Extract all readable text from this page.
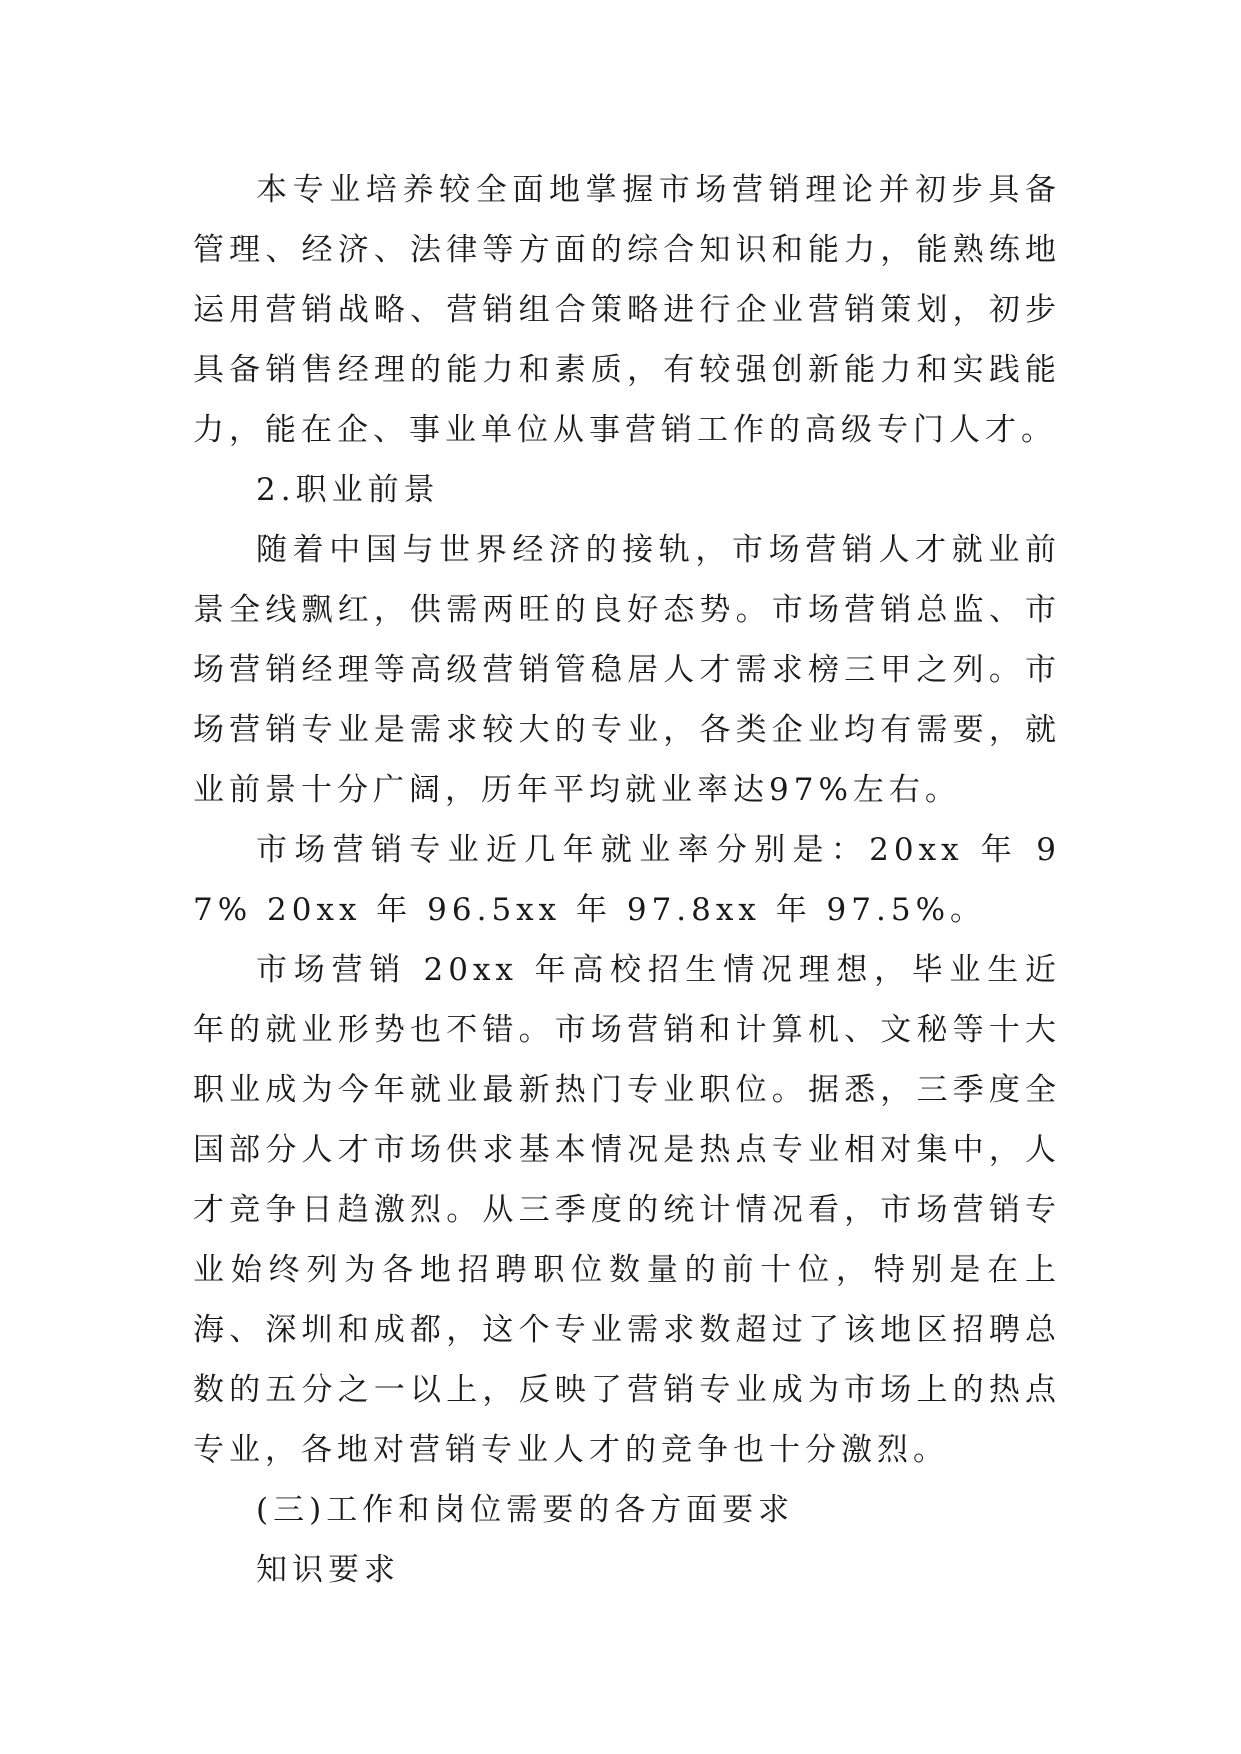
本专业培养较全面地掌握市场营销理论并初步具备管理、经济、法律等方面的综合知识和能力，能熟练地运用营销战略、营销组合策略进行企业营销策划，初步具备销售经理的能力和素质，有较强创新能力和实践能力，能在企、事业单位从事营销工作的高级专门人才。

2.职业前景

随着中国与世界经济的接轨，市场营销人才就业前景全线飘红，供需两旺的良好态势。市场营销总监、市场营销经理等高级营销管稳居人才需求榜三甲之列。市场营销专业是需求较大的专业，各类企业均有需要，就业前景十分广阔，历年平均就业率达97%左右。

市场营销专业近几年就业率分别是：20xx 年 97% 20xx 年 96.5xx 年 97.8xx 年 97.5%。

市场营销 20xx 年高校招生情况理想，毕业生近年的就业形势也不错。市场营销和计算机、文秘等十大职业成为今年就业最新热门专业职位。据悉，三季度全国部分人才市场供求基本情况是热点专业相对集中，人才竞争日趋激烈。从三季度的统计情况看，市场营销专业始终列为各地招聘职位数量的前十位，特别是在上海、深圳和成都，这个专业需求数超过了该地区招聘总数的五分之一以上，反映了营销专业成为市场上的热点专业，各地对营销专业人才的竞争也十分激烈。

(三)工作和岗位需要的各方面要求

知识要求
